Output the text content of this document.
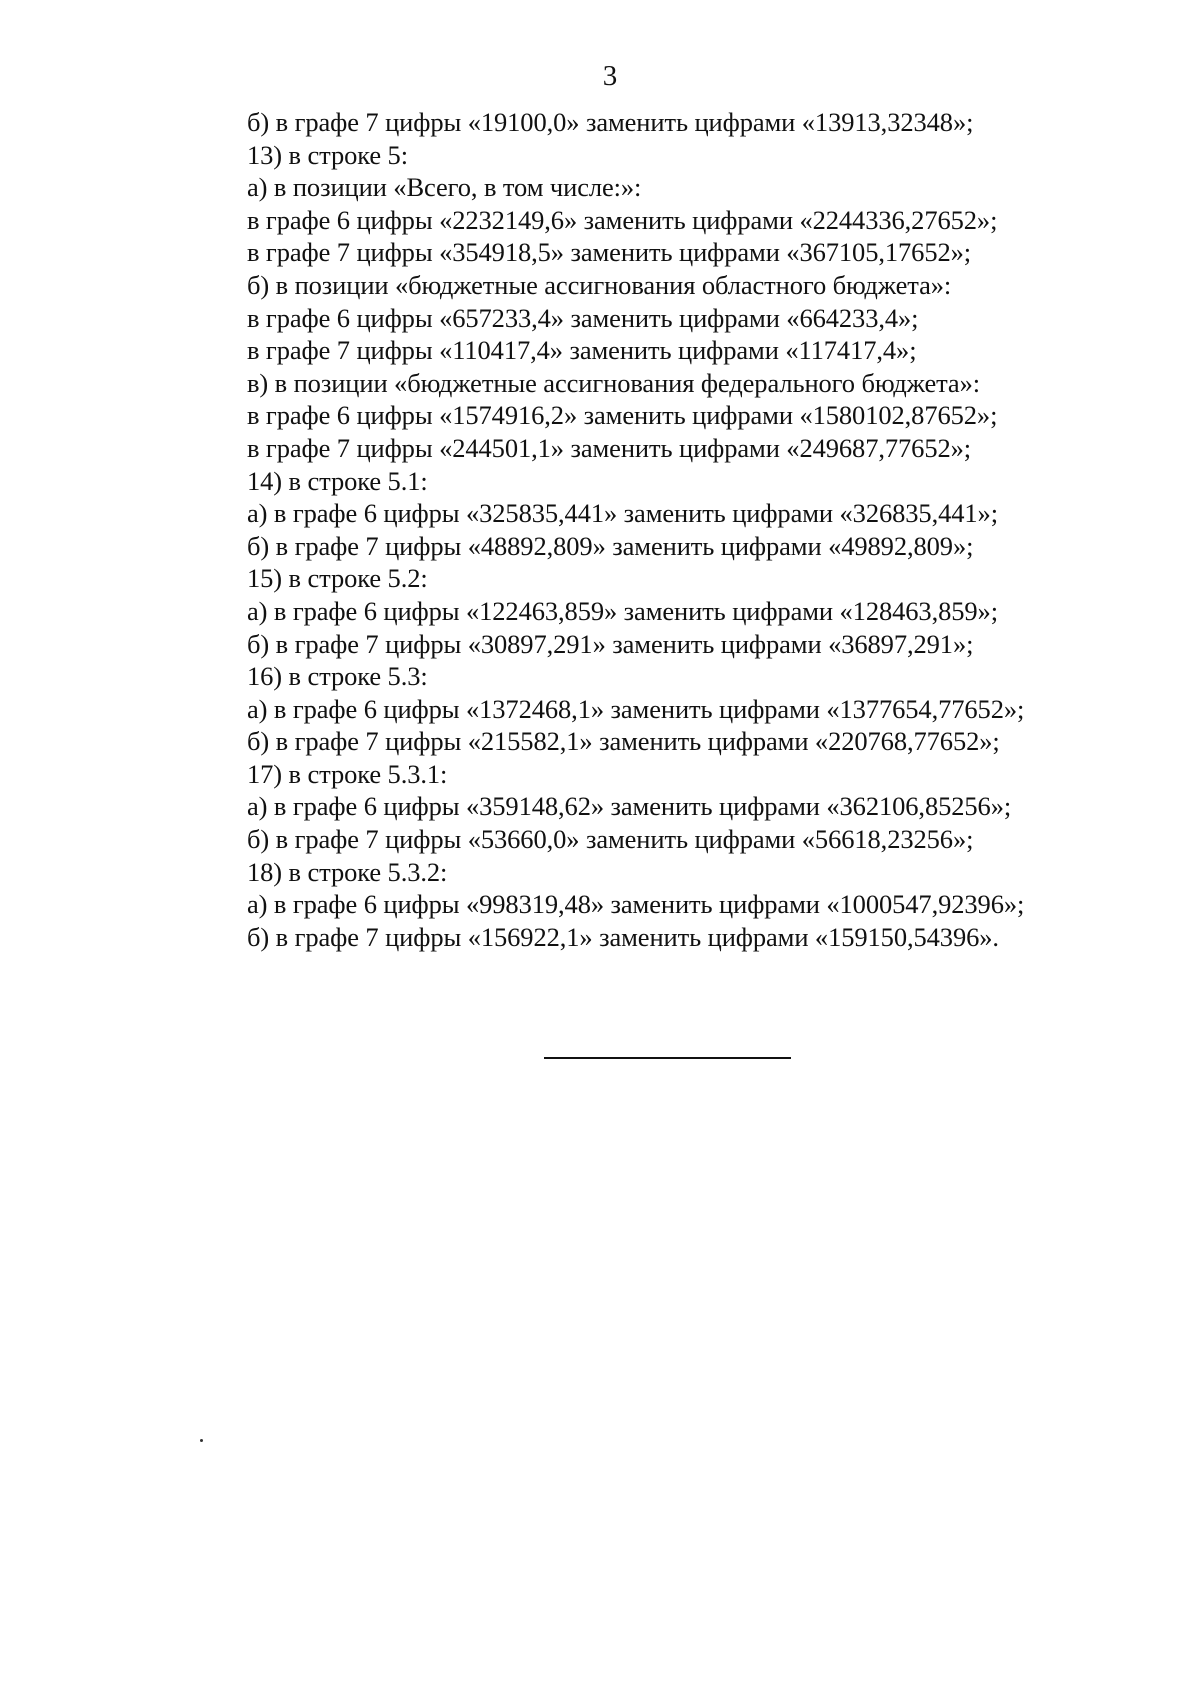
3
б) в графе 7 цифры «19100,0» заменить цифрами «13913,32348»;
13) в строке 5:
а) в позиции «Всего, в том числе:»:
в графе 6 цифры «2232149,6» заменить цифрами «2244336,27652»;
в графе 7 цифры «354918,5» заменить цифрами «367105,17652»;
б) в позиции «бюджетные ассигнования областного бюджета»:
в графе 6 цифры «657233,4» заменить цифрами «664233,4»;
в графе 7 цифры «110417,4» заменить цифрами «117417,4»;
в) в позиции «бюджетные ассигнования федерального бюджета»:
в графе 6 цифры «1574916,2» заменить цифрами «1580102,87652»;
в графе 7 цифры «244501,1» заменить цифрами «249687,77652»;
14) в строке 5.1:
а) в графе 6 цифры «325835,441» заменить цифрами «326835,441»;
б) в графе 7 цифры «48892,809» заменить цифрами «49892,809»;
15) в строке 5.2:
а) в графе 6 цифры «122463,859» заменить цифрами «128463,859»;
б) в графе 7 цифры «30897,291» заменить цифрами «36897,291»;
16) в строке 5.3:
а) в графе 6 цифры «1372468,1» заменить цифрами «1377654,77652»;
б) в графе 7 цифры «215582,1» заменить цифрами «220768,77652»;
17) в строке 5.3.1:
а) в графе 6 цифры «359148,62» заменить цифрами «362106,85256»;
б) в графе 7 цифры «53660,0» заменить цифрами «56618,23256»;
18) в строке 5.3.2:
а) в графе 6 цифры «998319,48» заменить цифрами «1000547,92396»;
б) в графе 7 цифры «156922,1» заменить цифрами «159150,54396».
